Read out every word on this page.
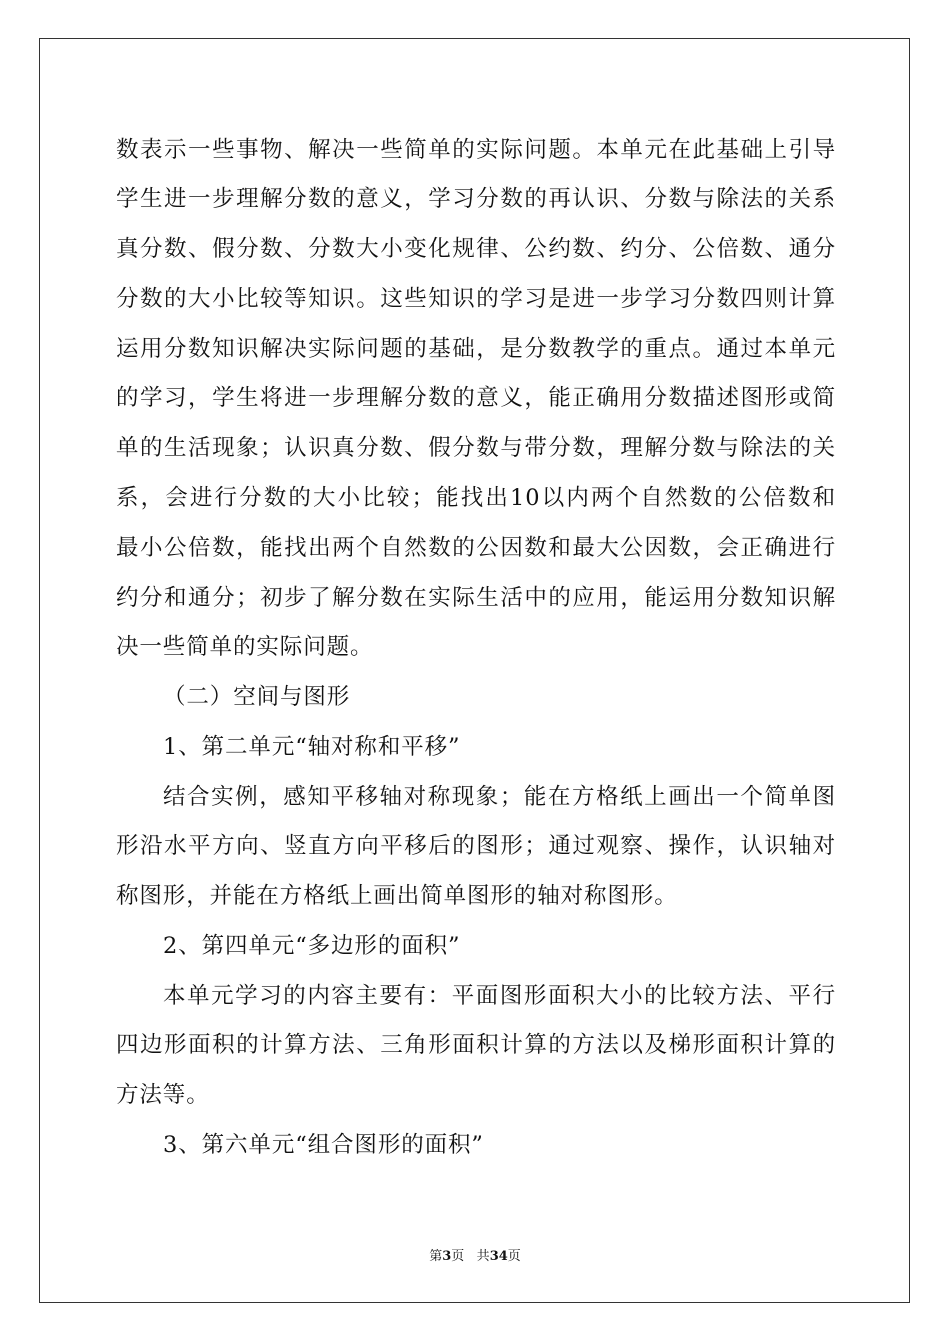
数表示一些事物、解决一些简单的实际问题。本单元在此基础上引导
学生进一步理解分数的意义，学习分数的再认识、分数与除法的关系
真分数、假分数、分数大小变化规律、公约数、约分、公倍数、通分
分数的大小比较等知识。这些知识的学习是进一步学习分数四则计算
运用分数知识解决实际问题的基础，是分数教学的重点。通过本单元
的学习，学生将进一步理解分数的意义，能正确用分数描述图形或简
单的生活现象；认识真分数、假分数与带分数，理解分数与除法的关
系，会进行分数的大小比较；能找出10以内两个自然数的公倍数和
最小公倍数，能找出两个自然数的公因数和最大公因数，会正确进行
约分和通分；初步了解分数在实际生活中的应用，能运用分数知识解
决一些简单的实际问题。
（二）空间与图形
1、第二单元“轴对称和平移”
结合实例，感知平移轴对称现象；能在方格纸上画出一个简单图
形沿水平方向、竖直方向平移后的图形；通过观察、操作，认识轴对
称图形，并能在方格纸上画出简单图形的轴对称图形。
2、第四单元“多边形的面积”
本单元学习的内容主要有：平面图形面积大小的比较方法、平行
四边形面积的计算方法、三角形面积计算的方法以及梯形面积计算的
方法等。
3、第六单元“组合图形的面积”
第3页 共34页
